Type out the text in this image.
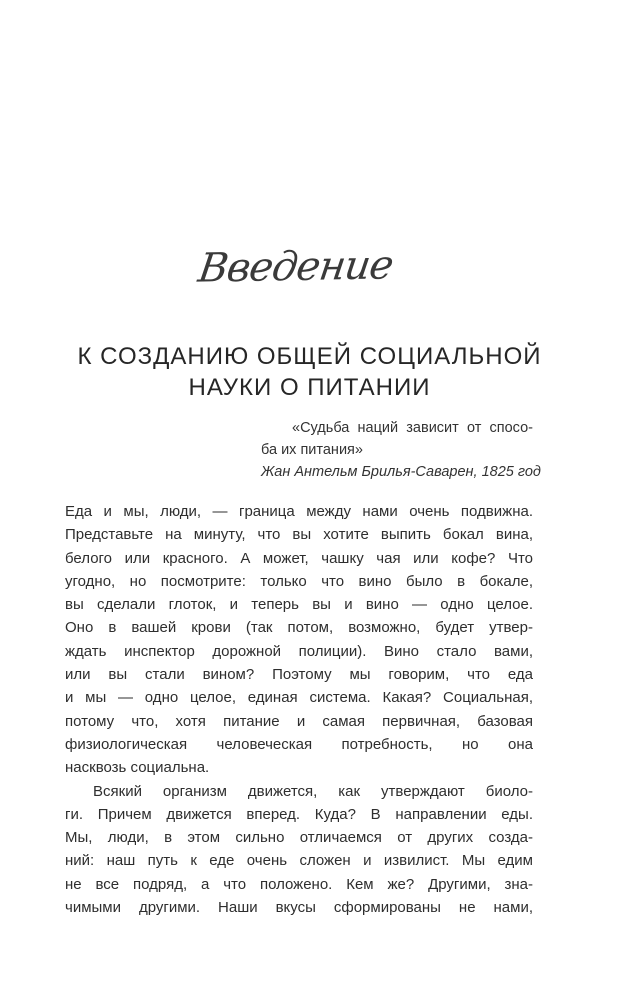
Введение
К СОЗДАНИЮ ОБЩЕЙ СОЦИАЛЬНОЙ
НАУКИ О ПИТАНИИ
«Судьба наций зависит от спосо-
ба их питания»
Жан Антельм Брилья-Саварен, 1825 год
Еда и мы, люди, — граница между нами очень подвижна.
Представьте на минуту, что вы хотите выпить бокал вина,
белого или красного. А может, чашку чая или кофе? Что
угодно, но посмотрите: только что вино было в бокале,
вы сделали глоток, и теперь вы и вино — одно целое.
Оно в вашей крови (так потом, возможно, будет утвер-
ждать инспектор дорожной полиции). Вино стало вами,
или вы стали вином? Поэтому мы говорим, что еда
и мы — одно целое, единая система. Какая? Социальная,
потому что, хотя питание и самая первичная, базовая
физиологическая человеческая потребность, но она
насквозь социальна.
Всякий организм движется, как утверждают биоло-
ги. Причем движется вперед. Куда? В направлении еды.
Мы, люди, в этом сильно отличаемся от других созда-
ний: наш путь к еде очень сложен и извилист. Мы едим
не все подряд, а что положено. Кем же? Другими, зна-
чимыми другими. Наши вкусы сформированы не нами,
